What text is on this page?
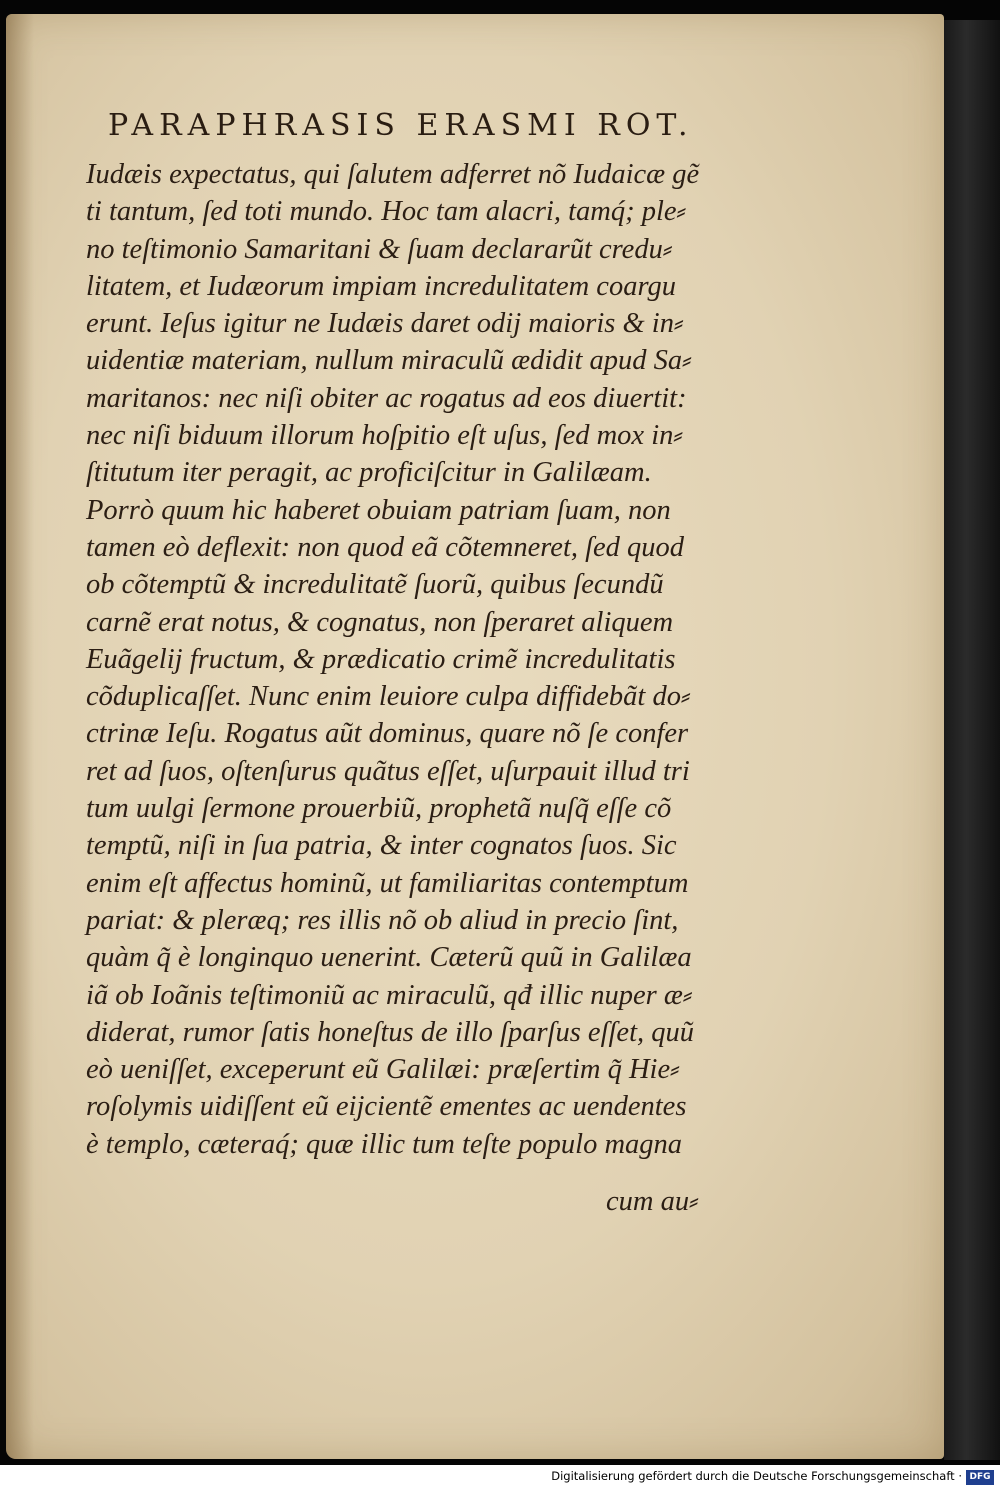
PARAPHRASIS ERASMI ROT.
Iudæis expectatus, qui ſalutem adferret nõ Iudaicæ gẽ
ti tantum, ſed toti mundo. Hoc tam alacri, tamq́; ple⸗
no teſtimonio Samaritani & ſuam declararũt credu⸗
litatem, et Iudæorum impiam incredulitatem coargu
erunt. Ieſus igitur ne Iudæis daret odij maioris & in⸗
uidentiæ materiam, nullum miraculũ ædidit apud Sa⸗
maritanos: nec niſi obiter ac rogatus ad eos diuertit:
nec niſi biduum illorum hoſpitio eſt uſus, ſed mox in⸗
ſtitutum iter peragit, ac proficiſcitur in Galilæam.
Porrò quum hic haberet obuiam patriam ſuam, non
tamen eò deflexit: non quod eã cõtemneret, ſed quod
ob cõtemptũ & incredulitatẽ ſuorũ, quibus ſecundũ
carnẽ erat notus, & cognatus, non ſperaret aliquem
Euãgelij fructum, & prædicatio crimẽ incredulitatis
cõduplicaſſet. Nunc enim leuiore culpa diffidebãt do⸗
ctrinæ Ieſu. Rogatus aũt dominus, quare nõ ſe confer
ret ad ſuos, oſtenſurus quãtus eſſet, uſurpauit illud tri
tum uulgi ſermone prouerbiũ, prophetã nuſq̃ eſſe cõ
temptũ, niſi in ſua patria, & inter cognatos ſuos. Sic
enim eſt affectus hominũ, ut familiaritas contemptum
pariat: & pleræq; res illis nõ ob aliud in precio ſint,
quàm q̃ è longinquo uenerint. Cæterũ quũ in Galilæa
iã ob Ioãnis teſtimoniũ ac miraculũ, qđ illic nuper æ⸗
diderat, rumor ſatis honeſtus de illo ſparſus eſſet, quũ
eò ueniſſet, exceperunt eũ Galilæi: præſertim q̃ Hie⸗
roſolymis uidiſſent eũ eijcientẽ ementes ac uendentes
è templo, cæteraq́; quæ illic tum teſte populo magna
cum au⸗
Digitalisierung gefördert durch die Deutsche Forschungsgemeinschaft · DFG
